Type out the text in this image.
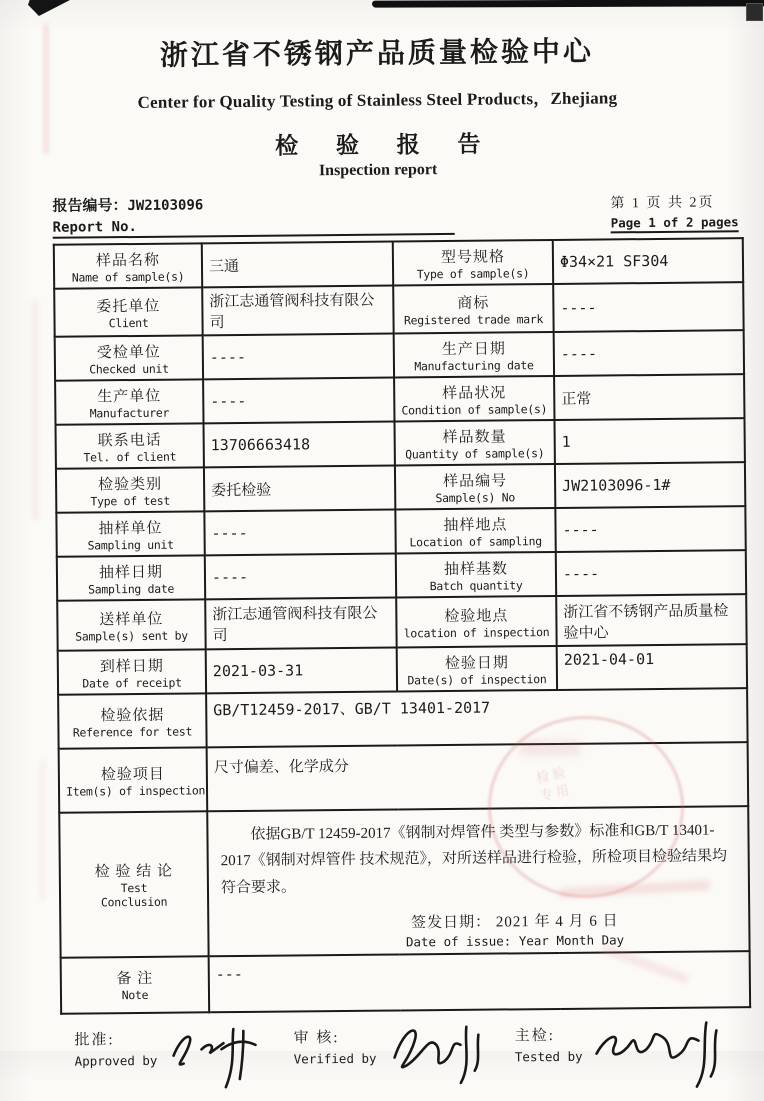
浙江省不锈钢产品质量检验中心
Center for Quality Testing of Stainless Steel Products，Zhejiang
检 验 报 告
Inspection report
报告编号：JW2103096
Report No.
第 1 页 共 2页
Page 1 of 2 pages
样品名称
Name of sample(s)
	三通	型号规格
Type of sample(s)
	Φ34×21 SF304

委托单位
Client
	浙江志通管阀科技有限公司	
商标
Registered trade mark
	----

受检单位
Checked unit
	----	生产日期
Manufacturing date
	----

生产单位
Manufacturer
	----	样品状况
Condition of sample(s)
	正常

联系电话
Tel. of client
	13706663418	样品数量
Quantity of sample(s)
	1

检验类别
Type of test
	委托检验	样品编号
Sample(s) No
	JW2103096-1#

抽样单位
Sampling unit
	----	抽样地点
Location of sampling
	----

抽样日期
Sampling date
	----	抽样基数
Batch quantity
	----

送样单位
Sample(s) sent by
	浙江志通管阀科技有限公司	
检验地点
location of inspection
	浙江省不锈钢产品质量检验中心

到样日期
Date of receipt
	2021-03-31	检验日期
Date(s) of inspection
	2021-04-01

检验依据
Reference for test	GB/T12459-2017、GB/T 13401-2017		

检验项目
Item(s) of inspection	尺寸偏差、化学成分		

检 验 结 论
Test
Conclusion

依据GB/T 12459-2017《钢制对焊管件 类型与参数》标准和GB/T 13401-2017《钢制对焊管件 技术规范》，对所送样品进行检验，所检项目检验结果均符合要求。
签发日期： 2021 年 4 月 6 日
Date of issue: Year Month Day

备 注
Note	---		
批准:
Approved by
审 核:
Verified by
主检:
Tested by
检 验
专 用
